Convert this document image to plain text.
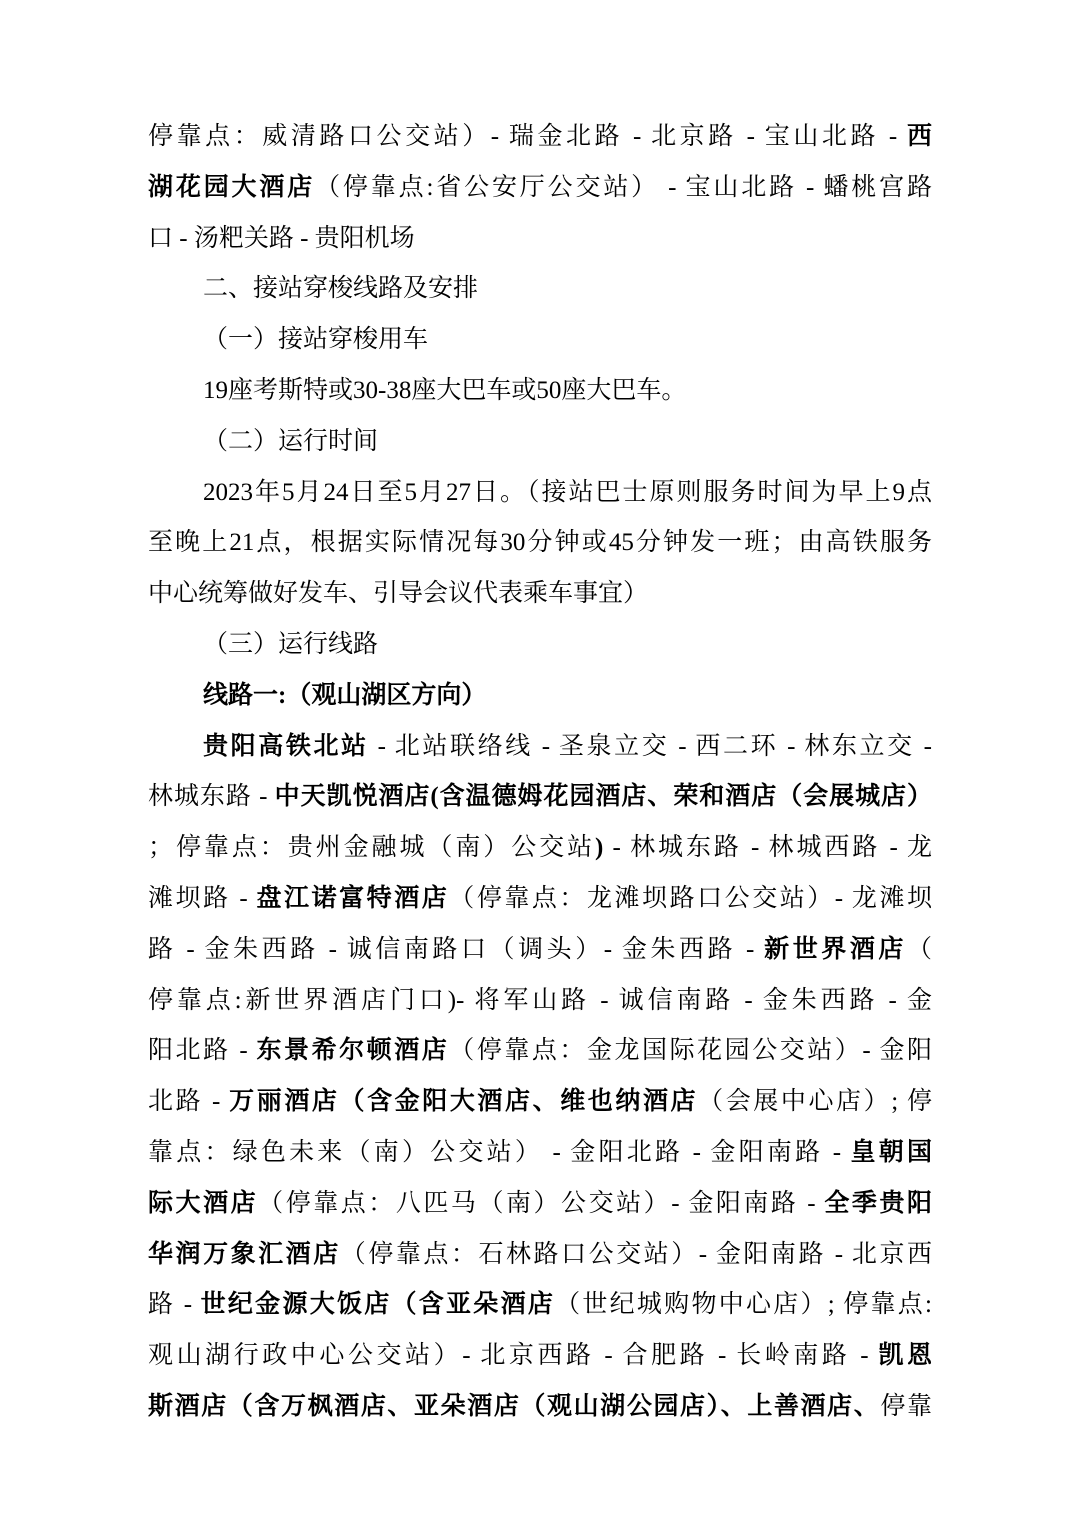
停靠点：威清路口公交站）- 瑞金北路 - 北京路 - 宝山北路 - 西
湖花园大酒店（停靠点:省公安厅公交站） - 宝山北路 - 蟠桃宫路
口 - 汤粑关路 - 贵阳机场
二、接站穿梭线路及安排
（一）接站穿梭用车
19座考斯特或30-38座大巴车或50座大巴车。
（二）运行时间
2023年5月24日至5月27日。（接站巴士原则服务时间为早上9点
至晚上21点，根据实际情况每30分钟或45分钟发一班；由高铁服务
中心统筹做好发车、引导会议代表乘车事宜）
（三）运行线路
线路一:（观山湖区方向）
贵阳高铁北站 - 北站联络线 - 圣泉立交 - 西二环 - 林东立交 -
林城东路 - 中天凯悦酒店(含温德姆花园酒店、荣和酒店（会展城店）
；停靠点：贵州金融城（南）公交站) - 林城东路 - 林城西路 - 龙
滩坝路 - 盘江诺富特酒店（停靠点：龙滩坝路口公交站）- 龙滩坝
路 - 金朱西路 - 诚信南路口（调头）- 金朱西路 - 新世界酒店（
停靠点:新世界酒店门口)- 将军山路 - 诚信南路 - 金朱西路 - 金
阳北路 - 东景希尔顿酒店（停靠点：金龙国际花园公交站）- 金阳
北路 - 万丽酒店（含金阳大酒店、维也纳酒店（会展中心店）; 停
靠点：绿色未来（南）公交站） - 金阳北路 - 金阳南路 - 皇朝国
际大酒店（停靠点：八匹马（南）公交站）- 金阳南路 - 全季贵阳
华润万象汇酒店（停靠点：石林路口公交站）- 金阳南路 - 北京西
路 - 世纪金源大饭店（含亚朵酒店（世纪城购物中心店）; 停靠点:
观山湖行政中心公交站）- 北京西路 - 合肥路 - 长岭南路 - 凯恩
斯酒店（含万枫酒店、亚朵酒店（观山湖公园店）、上善酒店、停靠
